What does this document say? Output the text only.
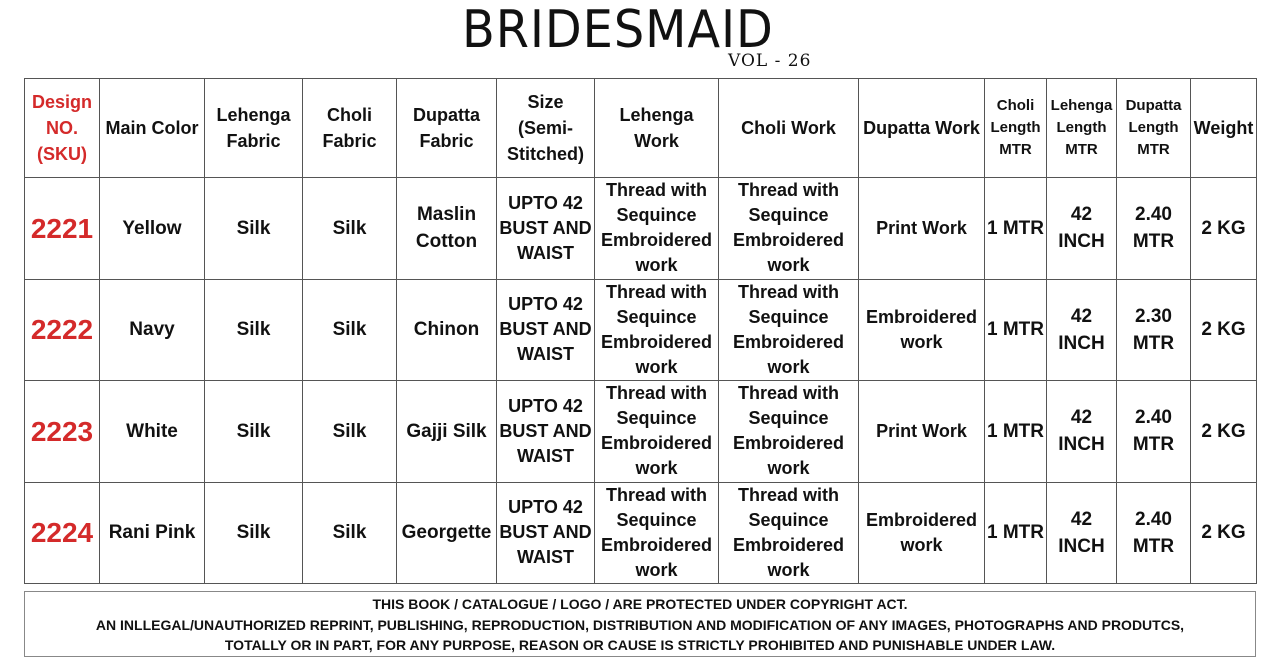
BRIDESMAID
VOL - 26
Design NO. (SKU)	Main Color	Lehenga Fabric	Choli Fabric	Dupatta Fabric	Size (Semi-Stitched)	Lehenga Work	Choli Work	Dupatta Work	Choli Length MTR	Lehenga Length MTR	Dupatta Length MTR	Weight
2221	Yellow	Silk	Silk	Maslin Cotton	UPTO 42 BUST AND WAIST	Thread with Sequince Embroidered work	Thread with Sequince Embroidered work	Print Work	1 MTR	42 INCH	2.40 MTR	2 KG
2222	Navy	Silk	Silk	Chinon	UPTO 42 BUST AND WAIST	Thread with Sequince Embroidered work	Thread with Sequince Embroidered work	Embroidered work	1 MTR	42 INCH	2.30 MTR	2 KG
2223	White	Silk	Silk	Gajji Silk	UPTO 42 BUST AND WAIST	Thread with Sequince Embroidered work	Thread with Sequince Embroidered work	Print Work	1 MTR	42 INCH	2.40 MTR	2 KG
2224	Rani Pink	Silk	Silk	Georgette	UPTO 42 BUST AND WAIST	Thread with Sequince Embroidered work	Thread with Sequince Embroidered work	Embroidered work	1 MTR	42 INCH	2.40 MTR	2 KG
THIS BOOK / CATALOGUE / LOGO / ARE PROTECTED UNDER COPYRIGHT ACT.
AN INLLEGAL/UNAUTHORIZED REPRINT, PUBLISHING, REPRODUCTION, DISTRIBUTION AND MODIFICATION OF ANY IMAGES, PHOTOGRAPHS AND PRODUTCS,
TOTALLY OR IN PART, FOR ANY PURPOSE, REASON OR CAUSE IS STRICTLY PROHIBITED AND PUNISHABLE UNDER LAW.
